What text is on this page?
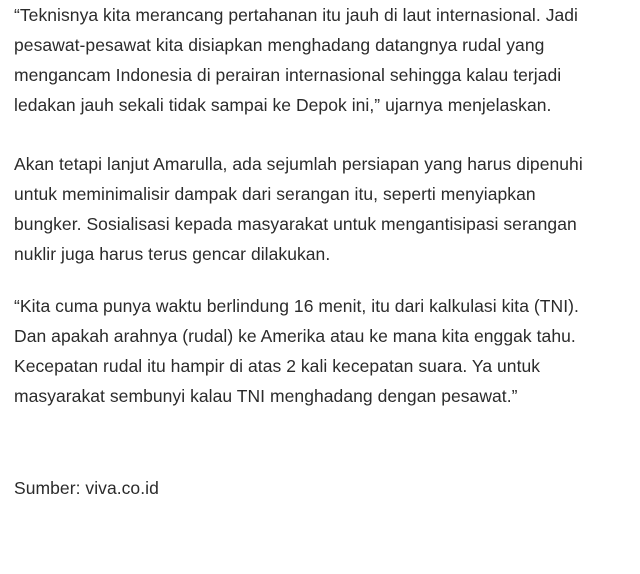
“Teknisnya kita merancang pertahanan itu jauh di laut internasional. Jadi
pesawat-pesawat kita disiapkan menghadang datangnya rudal yang
mengancam Indonesia di perairan internasional sehingga kalau terjadi
ledakan jauh sekali tidak sampai ke Depok ini,” ujarnya menjelaskan.

Akan tetapi lanjut Amarulla, ada sejumlah persiapan yang harus dipenuhi
untuk meminimalisir dampak dari serangan itu, seperti menyiapkan
bungker. Sosialisasi kepada masyarakat untuk mengantisipasi serangan
nuklir juga harus terus gencar dilakukan.

“Kita cuma punya waktu berlindung 16 menit, itu dari kalkulasi kita (TNI).
Dan apakah arahnya (rudal) ke Amerika atau ke mana kita enggak tahu.
Kecepatan rudal itu hampir di atas 2 kali kecepatan suara. Ya untuk
masyarakat sembunyi kalau TNI menghadang dengan pesawat.”

Sumber: viva.co.id
